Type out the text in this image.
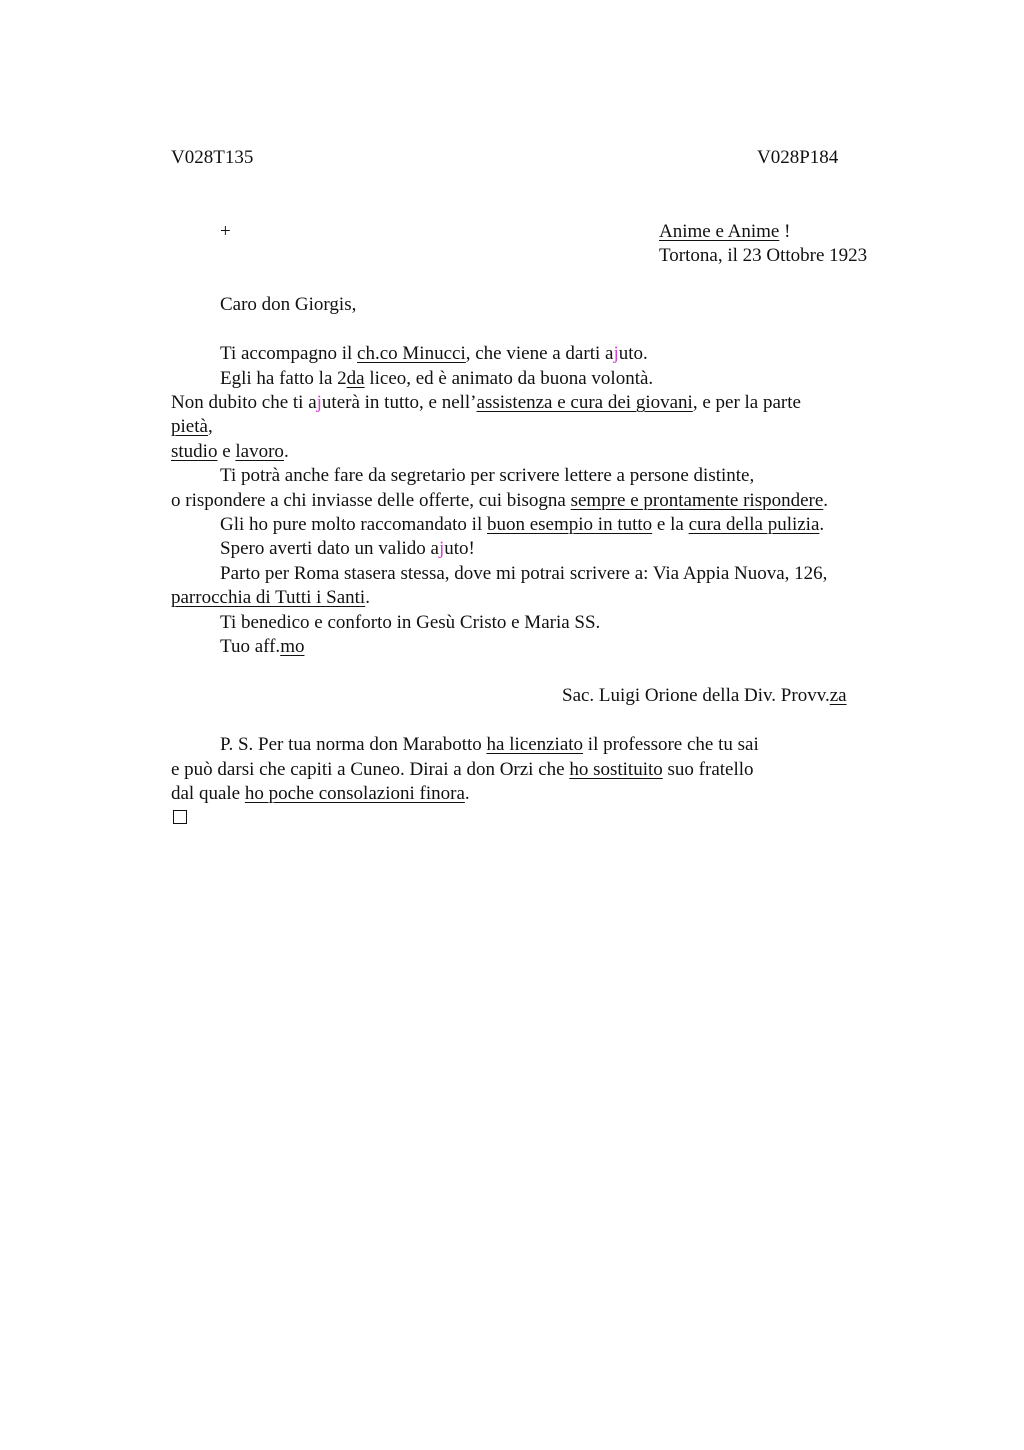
V028T135	V028P184
+	Anime e Anime !
Tortona, il 23 Ottobre 1923
Caro don Giorgis,
Ti accompagno il ch.co Minucci, che viene a darti ajuto.
Egli ha fatto la 2da liceo, ed è animato da buona volontà.
Non dubito che ti ajuterà in tutto, e nell’assistenza e cura dei giovani, e per la parte
pietà,
studio e lavoro.
Ti potrà anche fare da segretario per scrivere lettere a persone distinte,
o rispondere a chi inviasse delle offerte, cui bisogna sempre e prontamente rispondere.
Gli ho pure molto raccomandato il buon esempio in tutto e la cura della pulizia.
Spero averti dato un valido ajuto!
Parto per Roma stasera stessa, dove mi potrai scrivere a: Via Appia Nuova, 126,
parrocchia di Tutti i Santi.
Ti benedico e conforto in Gesù Cristo e Maria SS.
Tuo aff.mo
Sac. Luigi Orione della Div. Provv.za
P. S. Per tua norma don Marabotto ha licenziato il professore che tu sai
e può darsi che capiti a Cuneo. Dirai a don Orzi che ho sostituito suo fratello
dal quale ho poche consolazioni finora.
